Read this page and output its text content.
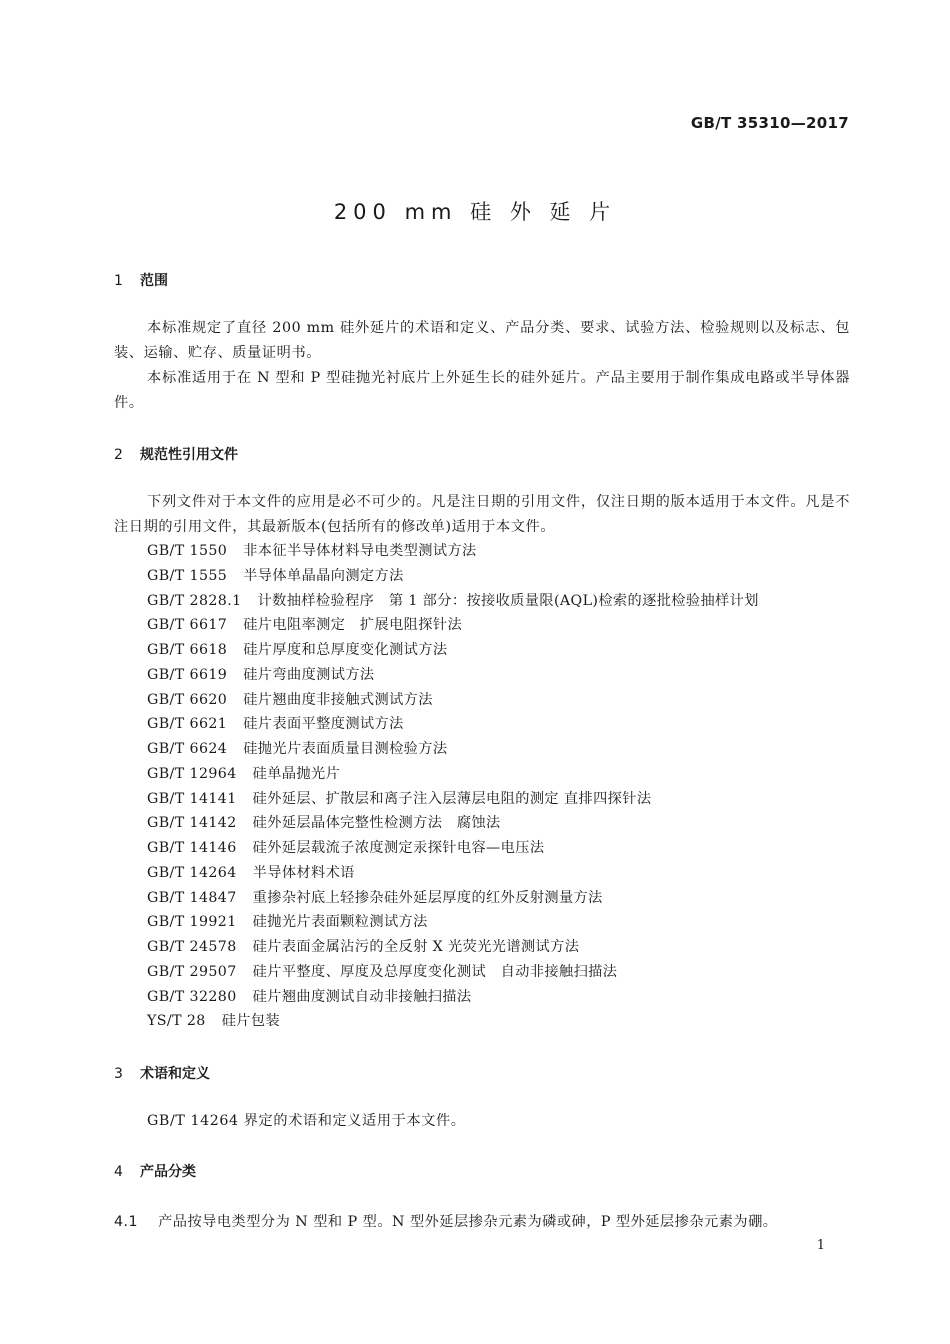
GB/T 35310—2017
200 mm 硅 外 延 片
1 范围
本标准规定了直径 200 mm 硅外延片的术语和定义、产品分类、要求、试验方法、检验规则以及标志、包装、运输、贮存、质量证明书。
本标准适用于在 N 型和 P 型硅抛光衬底片上外延生长的硅外延片。产品主要用于制作集成电路或半导体器件。
2 规范性引用文件
下列文件对于本文件的应用是必不可少的。凡是注日期的引用文件，仅注日期的版本适用于本文件。凡是不注日期的引用文件，其最新版本(包括所有的修改单)适用于本文件。
GB/T 1550 非本征半导体材料导电类型测试方法
GB/T 1555 半导体单晶晶向测定方法
GB/T 2828.1 计数抽样检验程序　第 1 部分：按接收质量限(AQL)检索的逐批检验抽样计划
GB/T 6617 硅片电阻率测定　扩展电阻探针法
GB/T 6618 硅片厚度和总厚度变化测试方法
GB/T 6619 硅片弯曲度测试方法
GB/T 6620 硅片翘曲度非接触式测试方法
GB/T 6621 硅片表面平整度测试方法
GB/T 6624 硅抛光片表面质量目测检验方法
GB/T 12964 硅单晶抛光片
GB/T 14141 硅外延层、扩散层和离子注入层薄层电阻的测定 直排四探针法
GB/T 14142 硅外延层晶体完整性检测方法　腐蚀法
GB/T 14146 硅外延层载流子浓度测定汞探针电容—电压法
GB/T 14264 半导体材料术语
GB/T 14847 重掺杂衬底上轻掺杂硅外延层厚度的红外反射测量方法
GB/T 19921 硅抛光片表面颗粒测试方法
GB/T 24578 硅片表面金属沾污的全反射 X 光荧光光谱测试方法
GB/T 29507 硅片平整度、厚度及总厚度变化测试　自动非接触扫描法
GB/T 32280 硅片翘曲度测试自动非接触扫描法
YS/T 28 硅片包装
3 术语和定义
GB/T 14264 界定的术语和定义适用于本文件。
4 产品分类
4.1 产品按导电类型分为 N 型和 P 型。N 型外延层掺杂元素为磷或砷，P 型外延层掺杂元素为硼。
1
